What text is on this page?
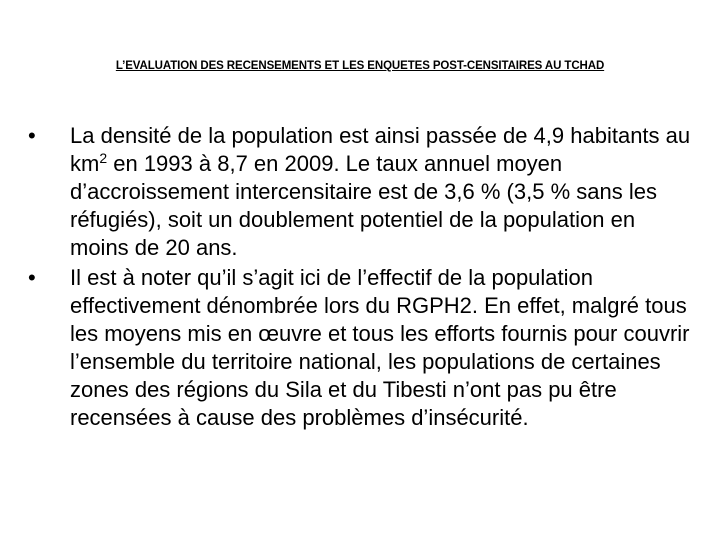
L’EVALUATION DES RECENSEMENTS ET LES ENQUETES POST-CENSITAIRES AU TCHAD
•	La densité de la population est ainsi passée de 4,9 habitants au $km^2$ en 1993 à 8,7 en 2009. Le taux annuel moyen d’accroissement intercensitaire est de 3,6 % (3,5 % sans les réfugiés), soit un doublement potentiel de la population en moins de 20 ans.
•	Il est à noter qu’il s’agit ici de l’effectif de la population effectivement dénombrée lors du RGPH2. En effet, malgré tous les moyens mis en œuvre et tous les efforts fournis pour couvrir l’ensemble du territoire national, les populations de certaines zones des régions du Sila et du Tibesti n’ont pas pu être recensées à cause des problèmes d’insécurité.
